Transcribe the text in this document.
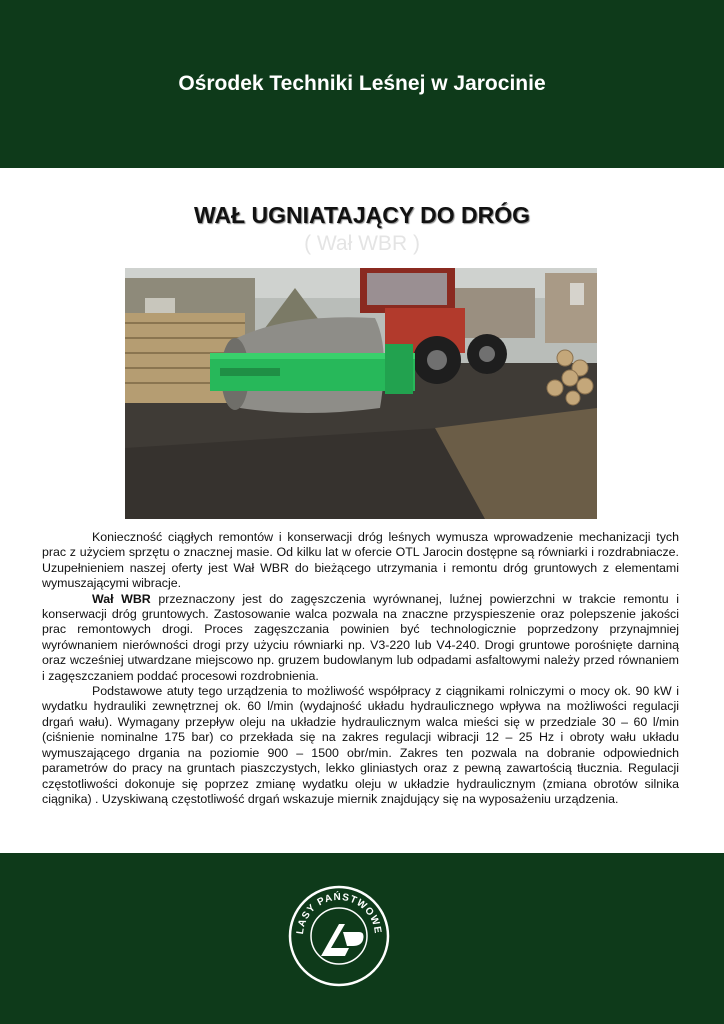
Ośrodek Techniki Leśnej w Jarocinie
WAŁ UGNIATAJĄCY DO DRÓG
( Wał WBR )

Konieczność ciągłych remontów i konserwacji dróg leśnych wymusza wprowadzenie mechanizacji tych prac z użyciem sprzętu o znacznej masie. Od kilku lat w ofercie OTL Jarocin dostępne są równiarki i rozdrabniacze. Uzupełnieniem naszej oferty jest Wał WBR do bieżącego utrzymania i remontu dróg gruntowych z elementami wymuszającymi wibracje.

Wał WBR przeznaczony jest do zagęszczenia wyrównanej, luźnej powierzchni w trakcie remontu i konserwacji dróg gruntowych. Zastosowanie walca pozwala na znaczne przyspieszenie oraz polepszenie jakości prac remontowych drogi. Proces zagęszczania powinien być technologicznie poprzedzony przynajmniej wyrównaniem nierówności drogi przy użyciu równiarki np. V3-220 lub V4-240. Drogi gruntowe porośnięte darniną oraz wcześniej utwardzane miejscowo np. gruzem budowlanym lub odpadami asfaltowymi należy przed równaniem i zagęszczaniem poddać procesowi rozdrobnienia.

Podstawowe atuty tego urządzenia to możliwość współpracy z ciągnikami rolniczymi o mocy ok. 90 kW i wydatku hydrauliki zewnętrznej ok. 60 l/min (wydajność układu hydraulicznego wpływa na możliwości regulacji drgań wału). Wymagany przepływ oleju na układzie hydraulicznym walca mieści się w przedziale 30 – 60 l/min (ciśnienie nominalne 175 bar) co przekłada się na zakres regulacji wibracji 12 – 25 Hz i obroty wału układu wymuszającego drgania na poziomie 900 – 1500 obr/min. Zakres ten pozwala na dobranie odpowiednich parametrów do pracy na gruntach piaszczystych, lekko gliniastych oraz z pewną zawartością tłucznia. Regulacji częstotliwości dokonuje się poprzez zmianę wydatku oleju w układzie hydraulicznym (zmiana obrotów silnika ciągnika) . Uzyskiwaną częstotliwość drgań wskazuje miernik znajdujący się na wyposażeniu urządzenia.

LASY PAŃSTWOWE
